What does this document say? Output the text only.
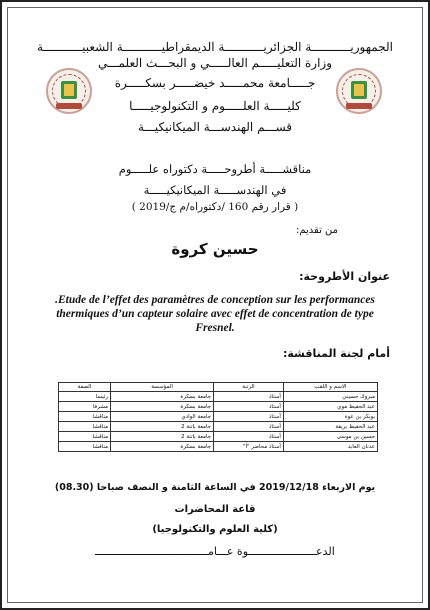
الجمهوريـــــــــــة الجزائريـــــــــــة الديمقراطيـــــــــــة الشعبيـــــــــــة
وزارة التعليـــــم العالـــــي و البحـــث العلمـــي
جـــــامعة محمـــــد خيضـــــر بسكـــــرة
كليـــــة العلـــــوم و التكنولوجيـــــا
قســـم الهندســـة الميكانيكيـــة
مناقشـــــة أطروحـــــة دكتوراه علـــــوم
في الهندســـــة الميكانيكيـــــة
( قرار رقم 160 /دكتوراه/م ج/2019 )
من تقديم:
حسين كروة
عنوان الأطروحة:
.Etude de l’effet des paramètres de conception sur les performances thermiques d’un capteur solaire avec effet de concentration de type Fresnel.
أمام لجنة المناقشة:
الاسم و اللقب	الرتبة	المؤسسة	الصفة
مبروك حسيني	أستاذ	جامعة بسكرة	رئيسا
عبد الحفيظ موي	أستاذ	جامعة بسكرة	مشرفا
بوبكر بن عوة	أستاذ	جامعة الوادي	مناقشا
عبد الحفيظ بريقة	أستاذ	جامعة باتنة 2	مناقشا
حسين بن موسى	أستاذ	جامعة باتنة 2	مناقشا
عدنان العابد	أستاذ محاضر "أ"	جامعة بسكرة	مناقشا
يوم الاربعاء 2019/12/18 في الساعة الثامنة و النصف صباحا (08.30)
قاعة المحاضرات
(كلية العلوم والتكنولوجيا)
الدعـــــــــــــــــــــوة عـــامـــــــــــــــــــــــــــــــــــ
